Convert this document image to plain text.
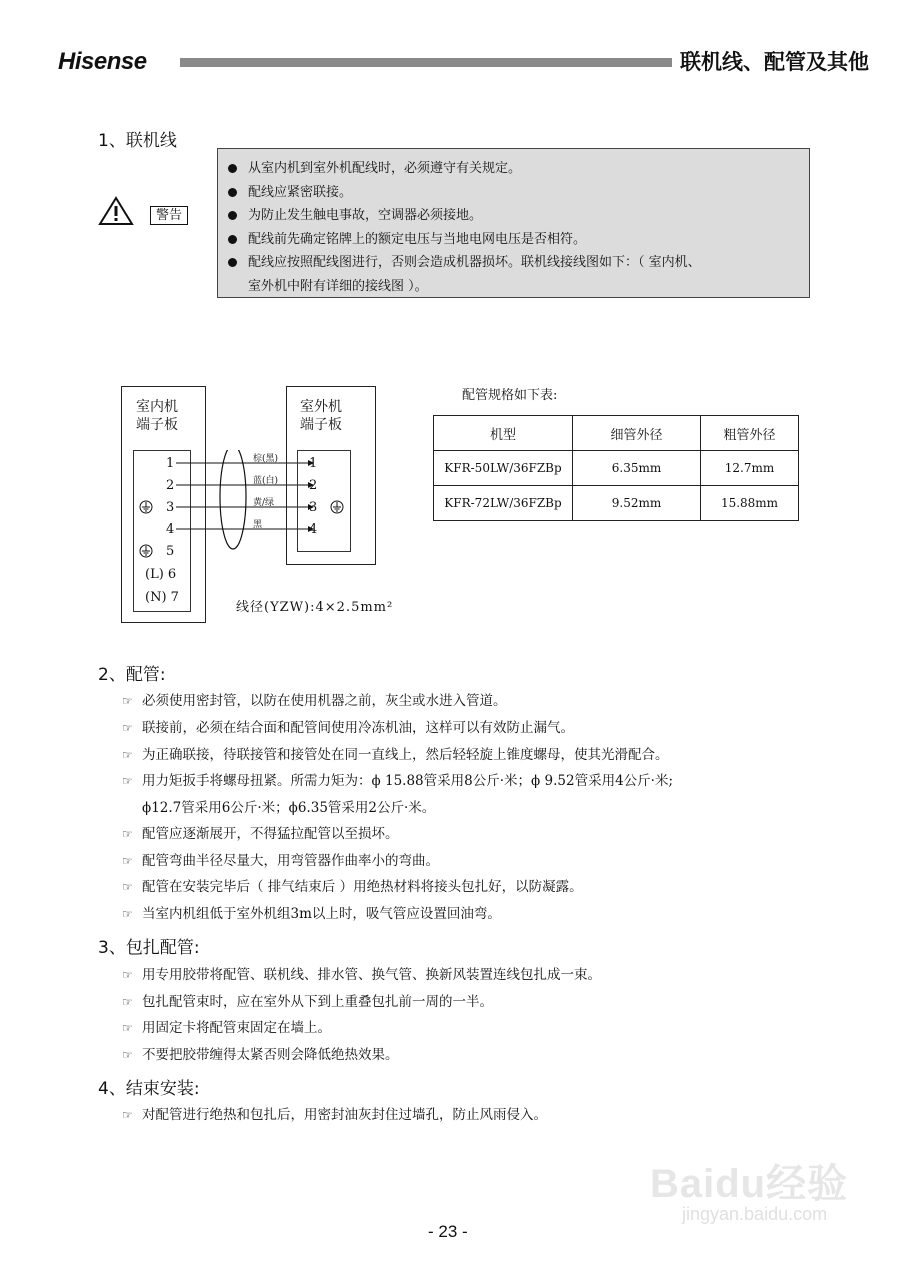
Hisense	联机线、配管及其他
1、联机线
警告
从室内机到室外机配线时，必须遵守有关规定。
配线应紧密联接。
为防止发生触电事故，空调器必须接地。
配线前先确定铭牌上的额定电压与当地电网电压是否相符。
配线应按照配线图进行，否则会造成机器损坏。联机线接线图如下：（ 室内机、
室外机中附有详细的接线图 ）。
室内机
端子板
1
2
3
4
5
(L) 6
(N) 7
棕(黑)
蓝(白)
黄/绿
黑
室外机
端子板
1
2
3
4
线径(YZW):4×2.5mm²
配管规格如下表:
机型	细管外径	粗管外径
KFR-50LW/36FZBp	6.35mm	12.7mm
KFR-72LW/36FZBp	9.52mm	15.88mm
2、配管:
☞ 必须使用密封管，以防在使用机器之前，灰尘或水进入管道。
☞ 联接前，必须在结合面和配管间使用冷冻机油，这样可以有效防止漏气。
☞ 为正确联接，待联接管和接管处在同一直线上，然后轻轻旋上锥度螺母，使其光滑配合。
☞ 用力矩扳手将螺母扭紧。所需力矩为：ϕ 15.88管采用8公斤·米；ϕ 9.52管采用4公斤·米;
ϕ12.7管采用6公斤·米；ϕ6.35管采用2公斤·米。
☞ 配管应逐渐展开，不得猛拉配管以至损坏。
☞ 配管弯曲半径尽量大，用弯管器作曲率小的弯曲。
☞ 配管在安装完毕后（ 排气结束后 ）用绝热材料将接头包扎好，以防凝露。
☞ 当室内机组低于室外机组3m以上时，吸气管应设置回油弯。
3、包扎配管:
☞ 用专用胶带将配管、联机线、排水管、换气管、换新风装置连线包扎成一束。
☞ 包扎配管束时，应在室外从下到上重叠包扎前一周的一半。
☞ 用固定卡将配管束固定在墙上。
☞ 不要把胶带缠得太紧否则会降低绝热效果。
4、结束安装:
☞ 对配管进行绝热和包扎后，用密封油灰封住过墙孔，防止风雨侵入。
Baidu经验
jingyan.baidu.com
- 23 -
